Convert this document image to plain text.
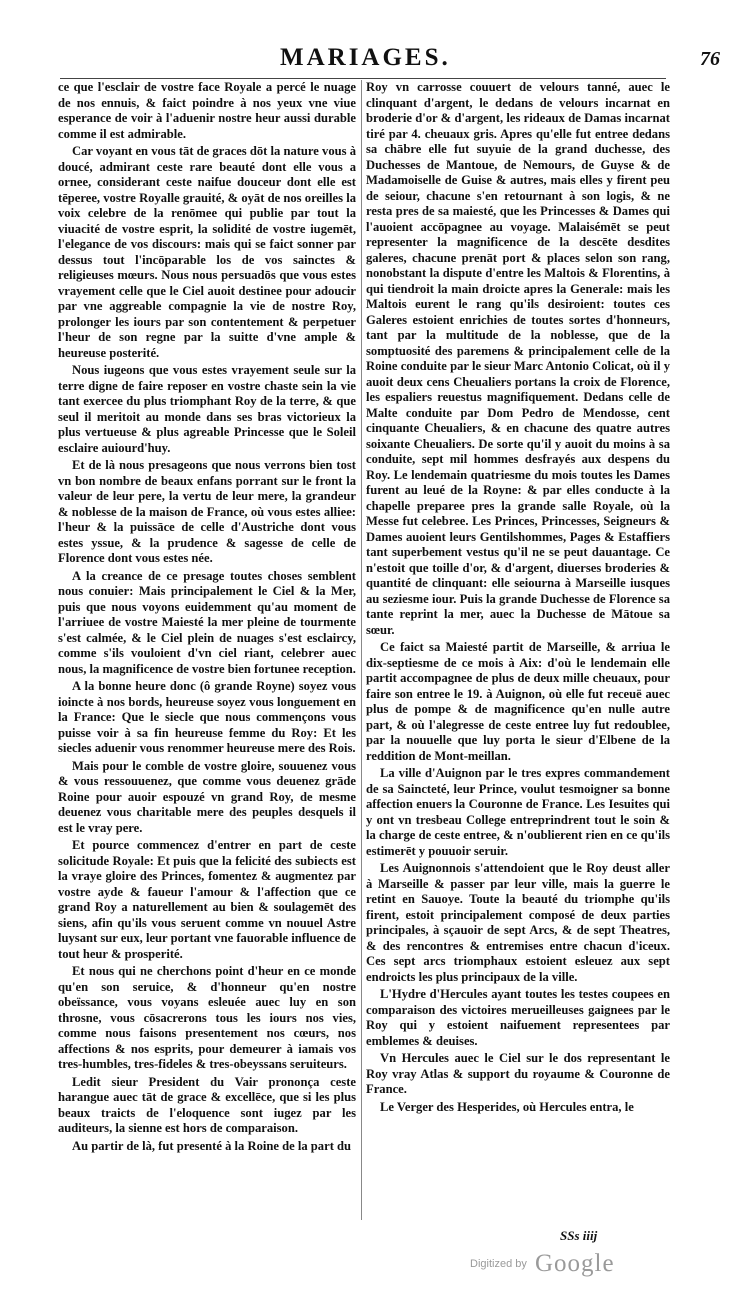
MARIAGES.	76

ce que l'esclair de vostre face Royale a percé le nuage de nos ennuis, & faict poindre à nos yeux vne viue esperance de voir à l'aduenir nostre heur aussi durable comme il est admirable.

Car voyant en vous tāt de graces dōt la nature vous à doucé, admirant ceste rare beauté dont elle vous a ornee, considerant ceste naifue douceur dont elle est tēperee, vostre Royalle grauité, & oyāt de nos oreilles la voix celebre de la renōmee qui publie par tout la viuacité de vostre esprit, la solidité de vostre iugemēt, l'elegance de vos discours: mais qui se faict sonner par dessus tout l'incōparable los de vos sainctes & religieuses mœurs. Nous nous persuadōs que vous estes vrayement celle que le Ciel auoit destinee pour adoucir par vne aggreable compagnie la vie de nostre Roy, prolonger les iours par son contentement & perpetuer l'heur de son regne par la suitte d'vne ample & heureuse posterité.

Nous iugeons que vous estes vrayement seule sur la terre digne de faire reposer en vostre chaste sein la vie tant exercee du plus triomphant Roy de la terre, & que seul il meritoit au monde dans ses bras victorieux la plus vertueuse & plus agreable Princesse que le Soleil esclaire auiourd'huy.

Et de là nous presageons que nous verrons bien tost vn bon nombre de beaux enfans porrant sur le front la valeur de leur pere, la vertu de leur mere, la grandeur & noblesse de la maison de France, où vous estes alliee: l'heur & la puissāce de celle d'Austriche dont vous estes yssue, & la prudence & sagesse de celle de Florence dont vous estes née.

A la creance de ce presage toutes choses semblent nous conuier: Mais principalement le Ciel & la Mer, puis que nous voyons euidemment qu'au moment de l'arriuee de vostre Maiesté la mer pleine de tourmente s'est calmée, & le Ciel plein de nuages s'est esclaircy, comme s'ils vouloient d'vn ciel riant, celebrer auec nous, la magnificence de vostre bien fortunee reception.

A la bonne heure donc (ô grande Royne) soyez vous ioincte à nos bords, heureuse soyez vous longuement en la France: Que le siecle que nous commençons vous puisse voir à sa fin heureuse femme du Roy: Et les siecles aduenir vous renommer heureuse mere des Rois.

Mais pour le comble de vostre gloire, souuenez vous & vous ressouuenez, que comme vous deuenez grāde Roine pour auoir espouzé vn grand Roy, de mesme deuenez vous charitable mere des peuples desquels il est le vray pere.

Et pource commencez d'entrer en part de ceste solicitude Royale: Et puis que la felicité des subiects est la vraye gloire des Princes, fomentez & augmentez par vostre ayde & faueur l'amour & l'affection que ce grand Roy a naturellement au bien & soulagemēt des siens, afin qu'ils vous seruent comme vn nouuel Astre luysant sur eux, leur portant vne fauorable influence de tout heur & prosperité.

Et nous qui ne cherchons point d'heur en ce monde qu'en son seruice, & d'honneur qu'en nostre obeïssance, vous voyans esleuée auec luy en son throsne, vous cōsacrerons tous les iours nos vies, comme nous faisons presentement nos cœurs, nos affections & nos esprits, pour demeurer à iamais vos tres-humbles, tres-fideles & tres-obeyssans seruiteurs.

Ledit sieur President du Vair prononça ceste harangue auec tāt de grace & excellēce, que si les plus beaux traicts de l'eloquence sont iugez par les auditeurs, la sienne est hors de comparaison.

Au partir de là, fut presenté à la Roine de la part du

Roy vn carrosse couuert de velours tanné, auec le clinquant d'argent, le dedans de velours incarnat en broderie d'or & d'argent, les rideaux de Damas incarnat tiré par 4. cheuaux gris. Apres qu'elle fut entree dedans sa chābre elle fut suyuie de la grand duchesse, des Duchesses de Mantoue, de Nemours, de Guyse & de Madamoiselle de Guise & autres, mais elles y firent peu de seiour, chacune s'en retournant à son logis, & ne resta pres de sa maiesté, que les Princesses & Dames qui l'auoient accōpagnee au voyage. Malaisémēt se peut representer la magnificence de la descēte desdites galeres, chacune prenāt port & places selon son rang, nonobstant la dispute d'entre les Maltois & Florentins, à qui tiendroit la main droicte apres la Generale: mais les Maltois eurent le rang qu'ils desiroient: toutes ces Galeres estoient enrichies de toutes sortes d'honneurs, tant par la multitude de la noblesse, que de la somptuosité des paremens & principalement celle de la Roine conduite par le sieur Marc Antonio Colicat, où il y auoit deux cens Cheualiers portans la croix de Florence, les espaliers reuestus magnifiquement. Dedans celle de Malte conduite par Dom Pedro de Mendosse, cent cinquante Cheualiers, & en chacune des quatre autres soixante Cheualiers. De sorte qu'il y auoit du moins à sa conduite, sept mil hommes desfrayés aux despens du Roy. Le lendemain quatriesme du mois toutes les Dames furent au leué de la Royne: & par elles conducte à la chapelle preparee pres la grande salle Royale, où la Messe fut celebree. Les Princes, Princesses, Seigneurs & Dames auoient leurs Gentilshommes, Pages & Estaffiers tant superbement vestus qu'il ne se peut dauantage. Ce n'estoit que toille d'or, & d'argent, diuerses broderies & quantité de clinquant: elle seiourna à Marseille iusques au seziesme iour. Puis la grande Duchesse de Florence sa tante reprint la mer, auec la Duchesse de Mātoue sa sœur.

Ce faict sa Maiesté partit de Marseille, & arriua le dix-septiesme de ce mois à Aix: d'où le lendemain elle partit accompagnee de plus de deux mille cheuaux, pour faire son entree le 19. à Auignon, où elle fut receuë auec plus de pompe & de magnificence qu'en nulle autre part, & où l'alegresse de ceste entree luy fut redoublee, par la nouuelle que luy porta le sieur d'Elbene de la reddition de Mont-meillan.

La ville d'Auignon par le tres expres commandement de sa Saincteté, leur Prince, voulut tesmoigner sa bonne affection enuers la Couronne de France. Les Iesuites qui y ont vn tresbeau College entreprindrent tout le soin & la charge de ceste entree, & n'oublierent rien en ce qu'ils estimerēt y pouuoir seruir.

Les Auignonnois s'attendoient que le Roy deust aller à Marseille & passer par leur ville, mais la guerre le retint en Sauoye. Toute la beauté du triomphe qu'ils firent, estoit principalement composé de deux parties principales, à sçauoir de sept Arcs, & de sept Theatres, & des rencontres & entremises entre chacun d'iceux. Ces sept arcs triomphaux estoient esleuez aux sept endroicts les plus principaux de la ville.

L'Hydre d'Hercules ayant toutes les testes coupees en comparaison des victoires merueilleuses gaignees par le Roy qui y estoient naifuement representees par emblemes & deuises.

Vn Hercules auec le Ciel sur le dos representant le Roy vray Atlas & support du royaume & Couronne de France.

Le Verger des Hesperides, où Hercules entra, le

SSs iiij
$^{Digitized by}$ Google
